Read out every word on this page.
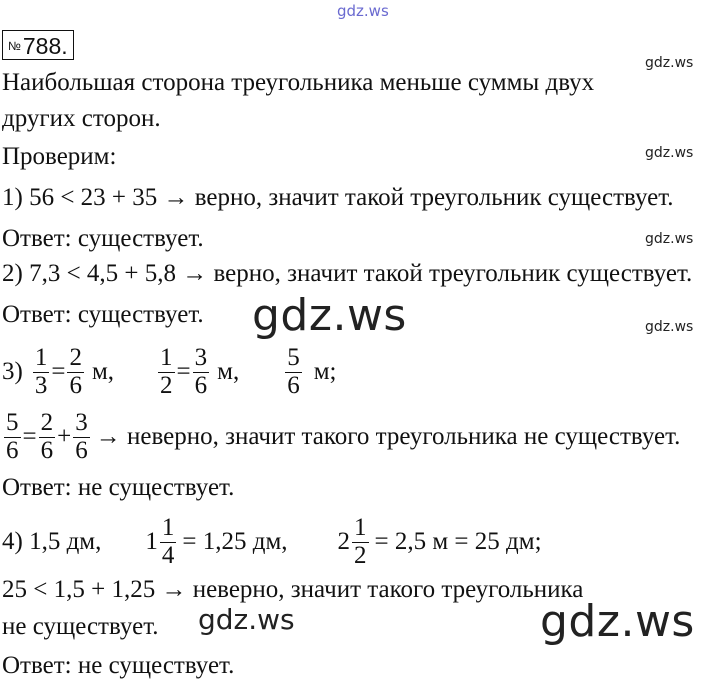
gdz.ws
№788.
gdz.ws
gdz.ws
gdz.ws
gdz.ws
Наибольшая сторона треугольника меньше суммы двух
других сторон.
Проверим:
1) 56 < 23 + 35 → верно, значит такой треугольник существует.
Ответ: существует.
2) 7,3 < 4,5 + 5,8 → верно, значит такой треугольник существует.
Ответ: существует. gdz.ws
$3) \frac{1}{3} = \frac{2}{6} м$, $\frac{1}{2} = \frac{3}{6} м$, $\frac{5}{6} м$;
$\frac{5}{6} = \frac{2}{6} + \frac{3}{6}$ → неверно, значит такого треугольника не существует.
Ответ: не существует.
4) 1,5 дм, $1 \frac{1}{4} = 1,25$ дм, $2 \frac{1}{2} = 2,5$ м = 25 дм;
25 < 1,5 + 1,25 → неверно, значит такого треугольника
не существует.
Ответ: не существует.
gdz.ws	gdz.ws
